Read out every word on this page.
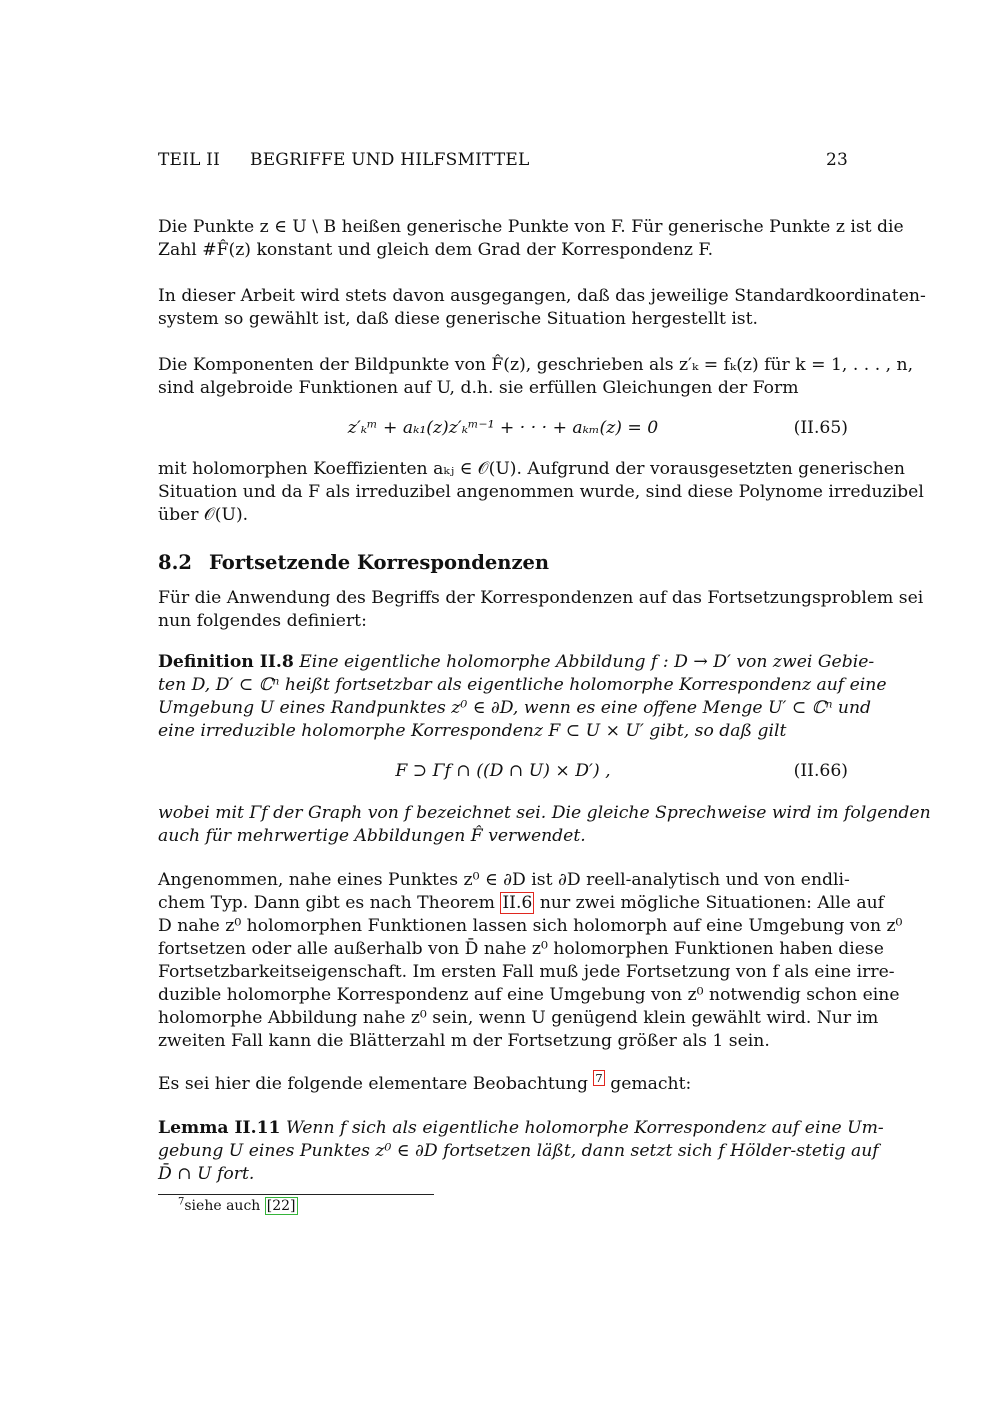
TEIL II	BEGRIFFE UND HILFSMITTEL	23
Die Punkte z ∈ U \ B heißen generische Punkte von F. Für generische Punkte z ist die
Zahl #F̂(z) konstant und gleich dem Grad der Korrespondenz F.
In dieser Arbeit wird stets davon ausgegangen, daß das jeweilige Standardkoordinaten-
system so gewählt ist, daß diese generische Situation hergestellt ist.
Die Komponenten der Bildpunkte von F̂(z), geschrieben als z′ₖ = fₖ(z) für k = 1, . . . , n,
sind algebroide Funktionen auf U, d.h. sie erfüllen Gleichungen der Form
z′ₖᵐ + aₖ₁(z)z′ₖᵐ⁻¹ + · · · + aₖₘ(z) = 0	(II.65)
mit holomorphen Koeffizienten aₖⱼ ∈ 𝒪(U). Aufgrund der vorausgesetzten generischen
Situation und da F als irreduzibel angenommen wurde, sind diese Polynome irreduzibel
über 𝒪(U).
8.2 Fortsetzende Korrespondenzen
Für die Anwendung des Begriffs der Korrespondenzen auf das Fortsetzungsproblem sei
nun folgendes definiert:
Definition II.8 Eine eigentliche holomorphe Abbildung f : D → D′ von zwei Gebie-
ten D, D′ ⊂ ℂⁿ heißt fortsetzbar als eigentliche holomorphe Korrespondenz auf eine
Umgebung U eines Randpunktes z⁰ ∈ ∂D, wenn es eine offene Menge U′ ⊂ ℂⁿ und
eine irreduzible holomorphe Korrespondenz F ⊂ U × U′ gibt, so daß gilt
F ⊃ Γf ∩ ((D ∩ U) × D′) ,	(II.66)
wobei mit Γf der Graph von f bezeichnet sei. Die gleiche Sprechweise wird im folgenden
auch für mehrwertige Abbildungen F̂ verwendet.
Angenommen, nahe eines Punktes z⁰ ∈ ∂D ist ∂D reell-analytisch und von endli-
chem Typ. Dann gibt es nach Theorem II.6 nur zwei mögliche Situationen: Alle auf
D nahe z⁰ holomorphen Funktionen lassen sich holomorph auf eine Umgebung von z⁰
fortsetzen oder alle außerhalb von D̄ nahe z⁰ holomorphen Funktionen haben diese
Fortsetzbarkeitseigenschaft. Im ersten Fall muß jede Fortsetzung von f als eine irre-
duzible holomorphe Korrespondenz auf eine Umgebung von z⁰ notwendig schon eine
holomorphe Abbildung nahe z⁰ sein, wenn U genügend klein gewählt wird. Nur im
zweiten Fall kann die Blätterzahl m der Fortsetzung größer als 1 sein.
Es sei hier die folgende elementare Beobachtung $^7$ gemacht:
Lemma II.11 Wenn f sich als eigentliche holomorphe Korrespondenz auf eine Um-
gebung U eines Punktes z⁰ ∈ ∂D fortsetzen läßt, dann setzt sich f Hölder-stetig auf
D̄ ∩ U fort.
$^7$siehe auch [22]
